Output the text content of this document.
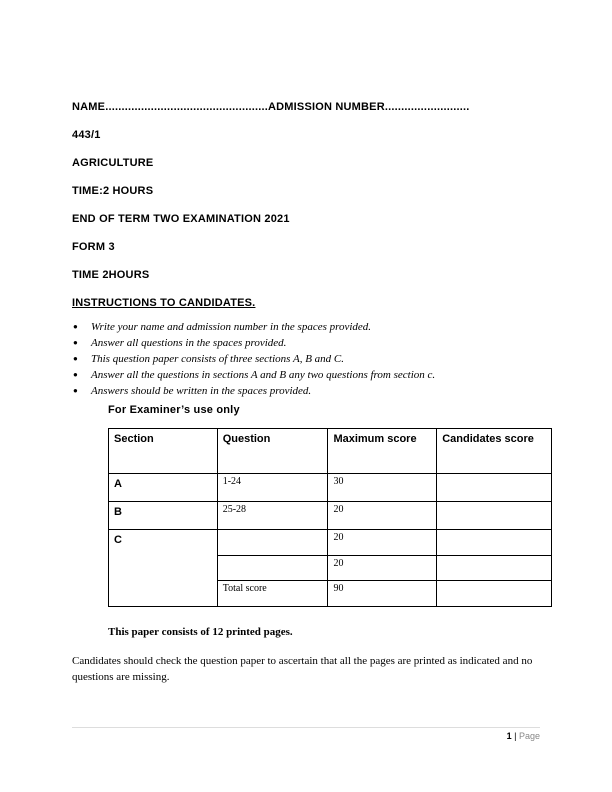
NAME..................................................ADMISSION NUMBER..........................
443/1
AGRICULTURE
TIME:2 HOURS
END OF TERM TWO EXAMINATION 2021
FORM 3
TIME 2HOURS
INSTRUCTIONS TO CANDIDATES.
● Write your name and admission number in the spaces provided.
● Answer all questions in the spaces provided.
● This question paper consists of three sections A, B and C.
● Answer all the questions in sections A and B any two questions from section c.
● Answers should be written in the spaces provided.
For Examiner’s use only
Section	Question	Maximum score	Candidates score
A	1-24	30	
B	25-28	20	
C		20	
		20	
	Total score	90	
This paper consists of 12 printed pages.
Candidates should check the question paper to ascertain that all the pages are printed as indicated and no questions are missing.
1 | Page
